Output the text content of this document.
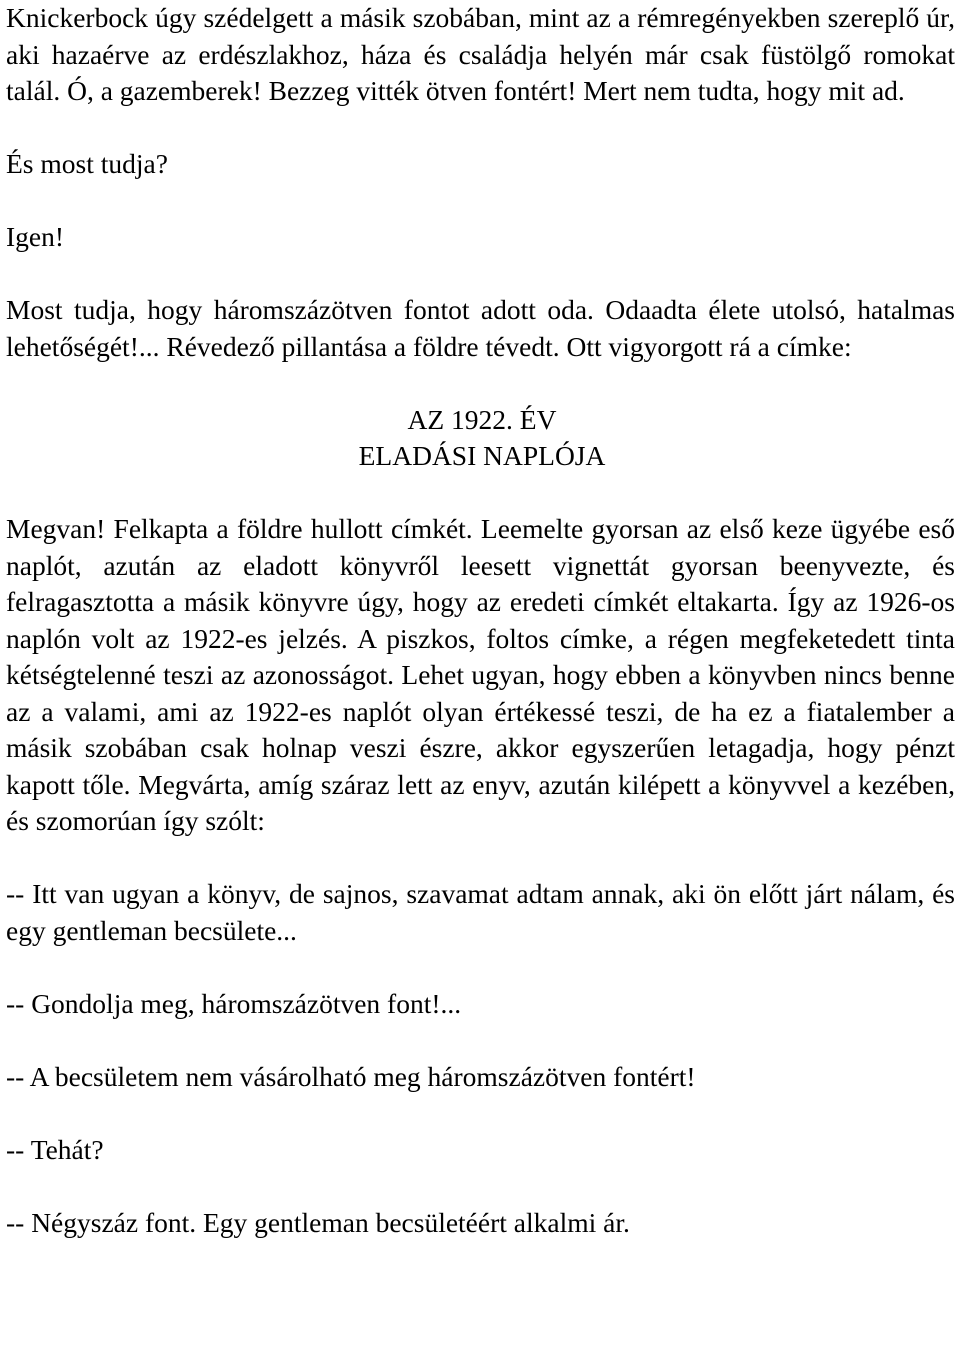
Knickerbock úgy szédelgett a másik szobában, mint az a rémregényekben szereplő úr, aki hazaérve az erdészlakhoz, háza és családja helyén már csak füstölgő romokat talál. Ó, a gazemberek! Bezzeg vitték ötven fontért! Mert nem tudta, hogy mit ad.

És most tudja?

Igen!

Most tudja, hogy háromszázötven fontot adott oda. Odaadta élete utolsó, hatalmas lehetőségét!... Révedező pillantása a földre tévedt. Ott vigyorgott rá a címke:

AZ 1922. ÉV
ELADÁSI NAPLÓJA

Megvan! Felkapta a földre hullott címkét. Leemelte gyorsan az első keze ügyébe eső naplót, azután az eladott könyvről leesett vignettát gyorsan beenyvezte, és felragasztotta a másik könyvre úgy, hogy az eredeti címkét eltakarta. Így az 1926-os naplón volt az 1922-es jelzés. A piszkos, foltos címke, a régen megfeketedett tinta kétségtelenné teszi az azonosságot. Lehet ugyan, hogy ebben a könyvben nincs benne az a valami, ami az 1922-es naplót olyan értékessé teszi, de ha ez a fiatalember a másik szobában csak holnap veszi észre, akkor egyszerűen letagadja, hogy pénzt kapott tőle. Megvárta, amíg száraz lett az enyv, azután kilépett a könyvvel a kezében, és szomorúan így szólt:

-- Itt van ugyan a könyv, de sajnos, szavamat adtam annak, aki ön előtt járt nálam, és egy gentleman becsülete...

-- Gondolja meg, háromszázötven font!...

-- A becsületem nem vásárolható meg háromszázötven fontért!

-- Tehát?

-- Négyszáz font. Egy gentleman becsületéért alkalmi ár.
